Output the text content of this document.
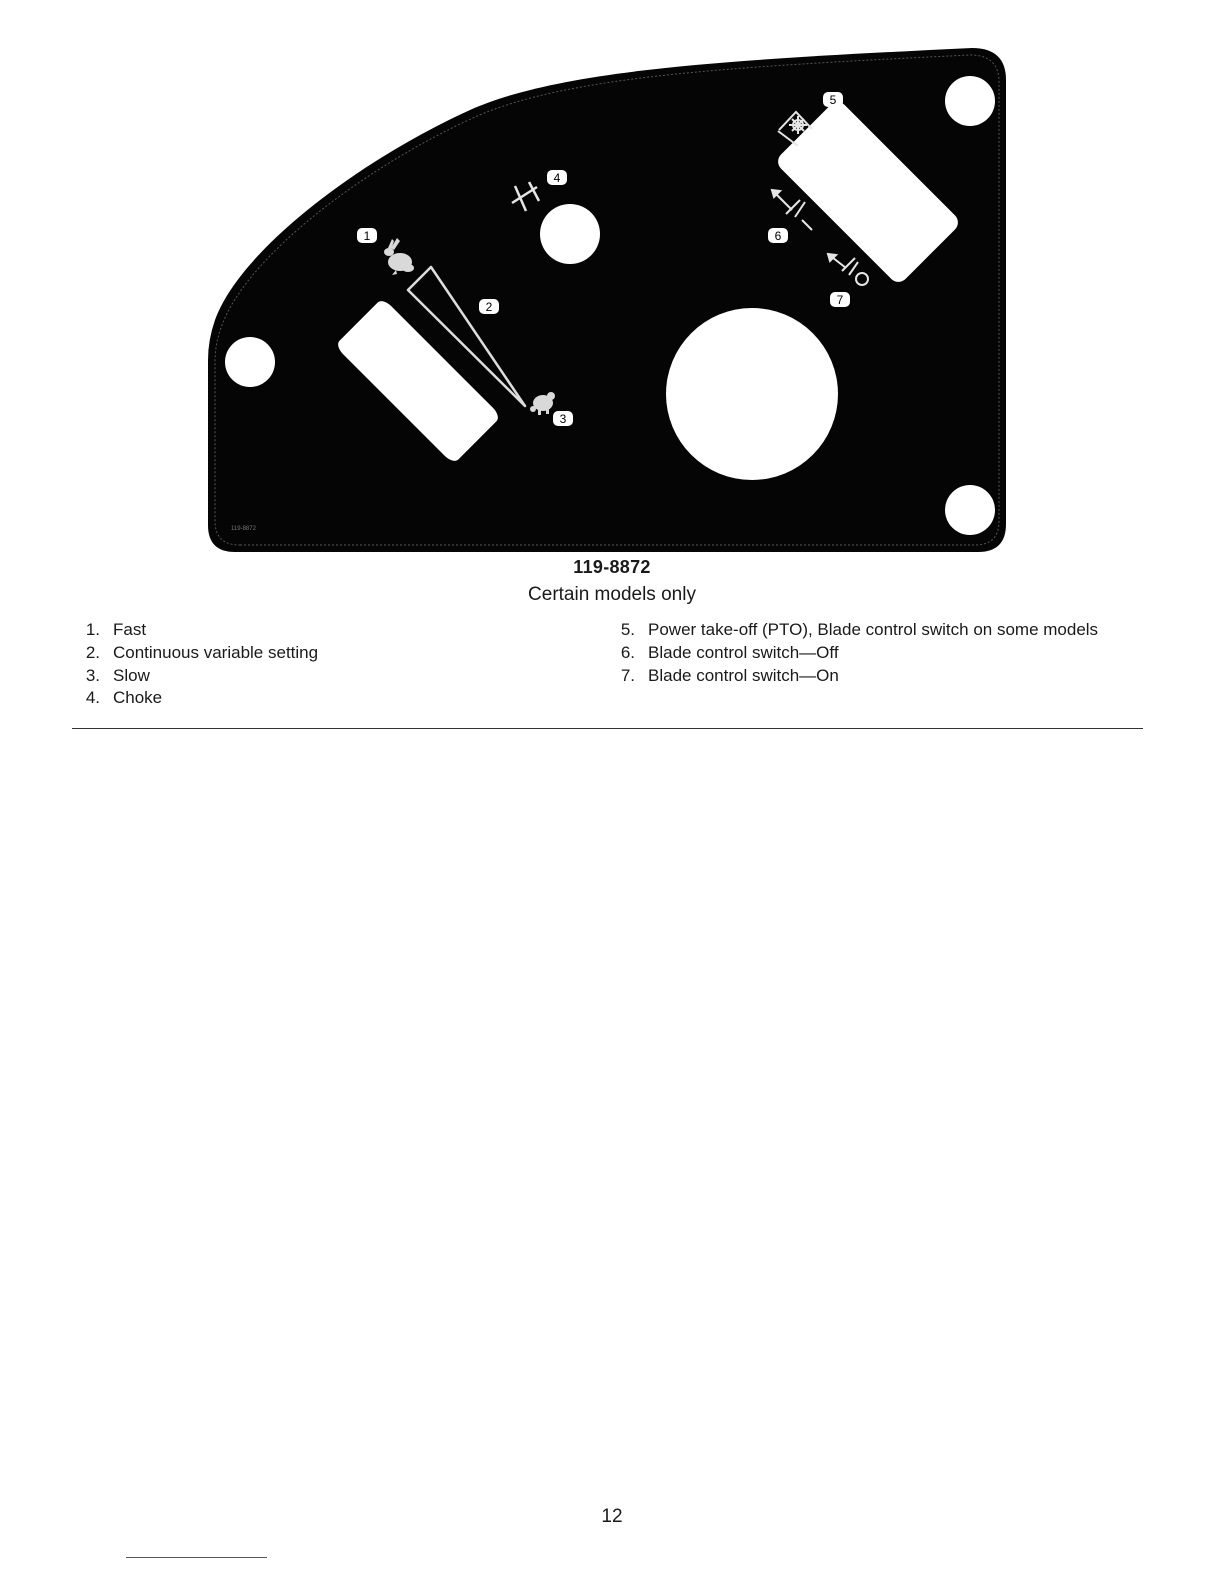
1
2
3
4
5
6
7
119-8872
119-8872
Certain models only
1. Fast
2. Continuous variable setting
3. Slow
4. Choke
5. Power take-off (PTO), Blade control switch on some models
6. Blade control switch—Off
7. Blade control switch—On
12
